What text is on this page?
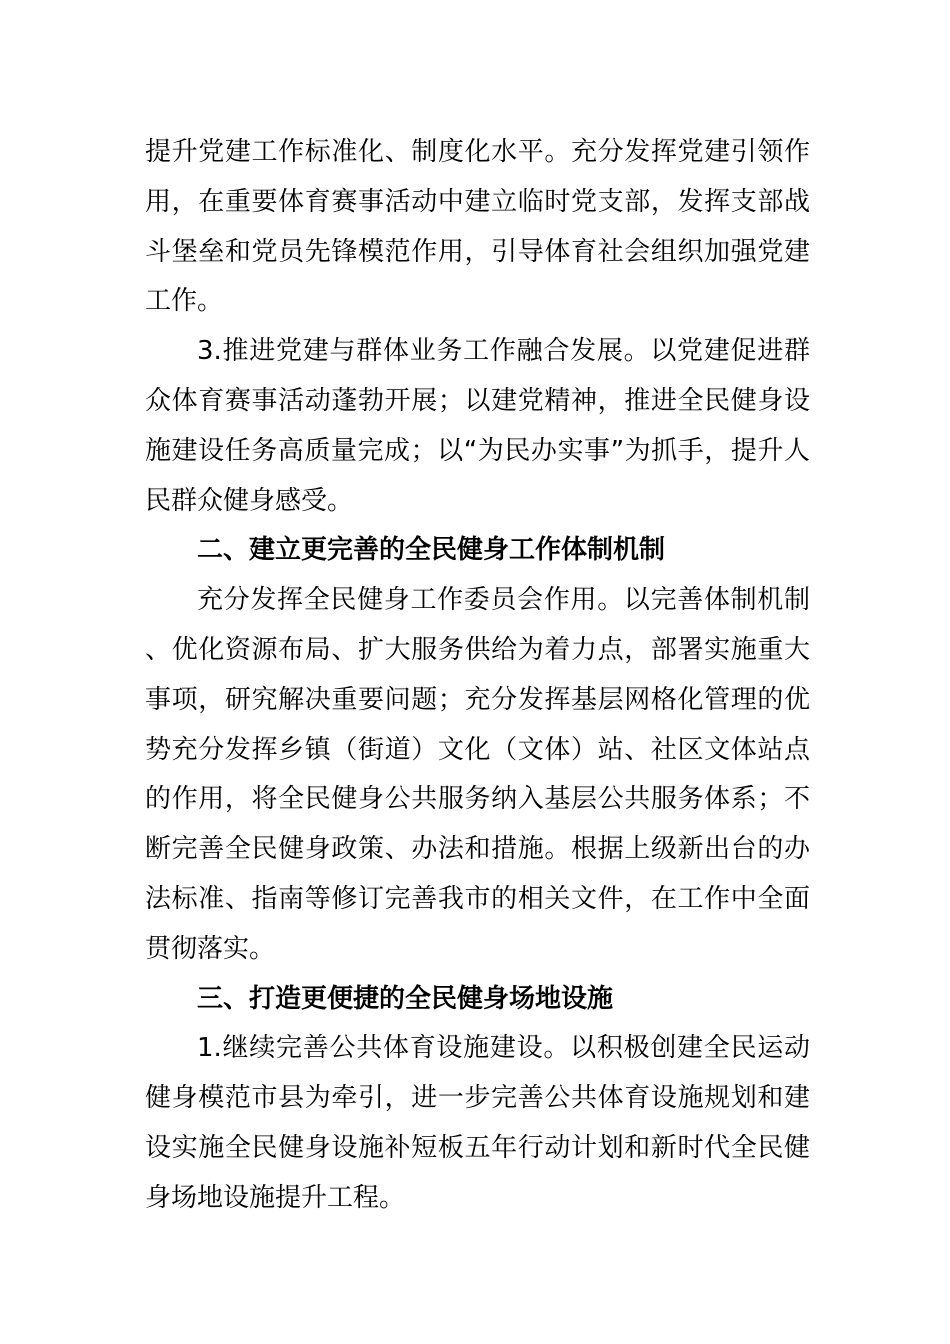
提升党建工作标准化、制度化水平。充分发挥党建引领作用，在重要体育赛事活动中建立临时党支部，发挥支部战斗堡垒和党员先锋模范作用，引导体育社会组织加强党建工作。

3.推进党建与群体业务工作融合发展。以党建促进群众体育赛事活动蓬勃开展；以建党精神，推进全民健身设施建设任务高质量完成；以“为民办实事”为抓手，提升人民群众健身感受。

二、建立更完善的全民健身工作体制机制

充分发挥全民健身工作委员会作用。以完善体制机制、优化资源布局、扩大服务供给为着力点，部署实施重大事项，研究解决重要问题；充分发挥基层网格化管理的优势充分发挥乡镇（街道）文化（文体）站、社区文体站点的作用，将全民健身公共服务纳入基层公共服务体系；不断完善全民健身政策、办法和措施。根据上级新出台的办法标准、指南等修订完善我市的相关文件，在工作中全面贯彻落实。

三、打造更便捷的全民健身场地设施

1.继续完善公共体育设施建设。以积极创建全民运动健身模范市县为牵引，进一步完善公共体育设施规划和建设实施全民健身设施补短板五年行动计划和新时代全民健身场地设施提升工程。
